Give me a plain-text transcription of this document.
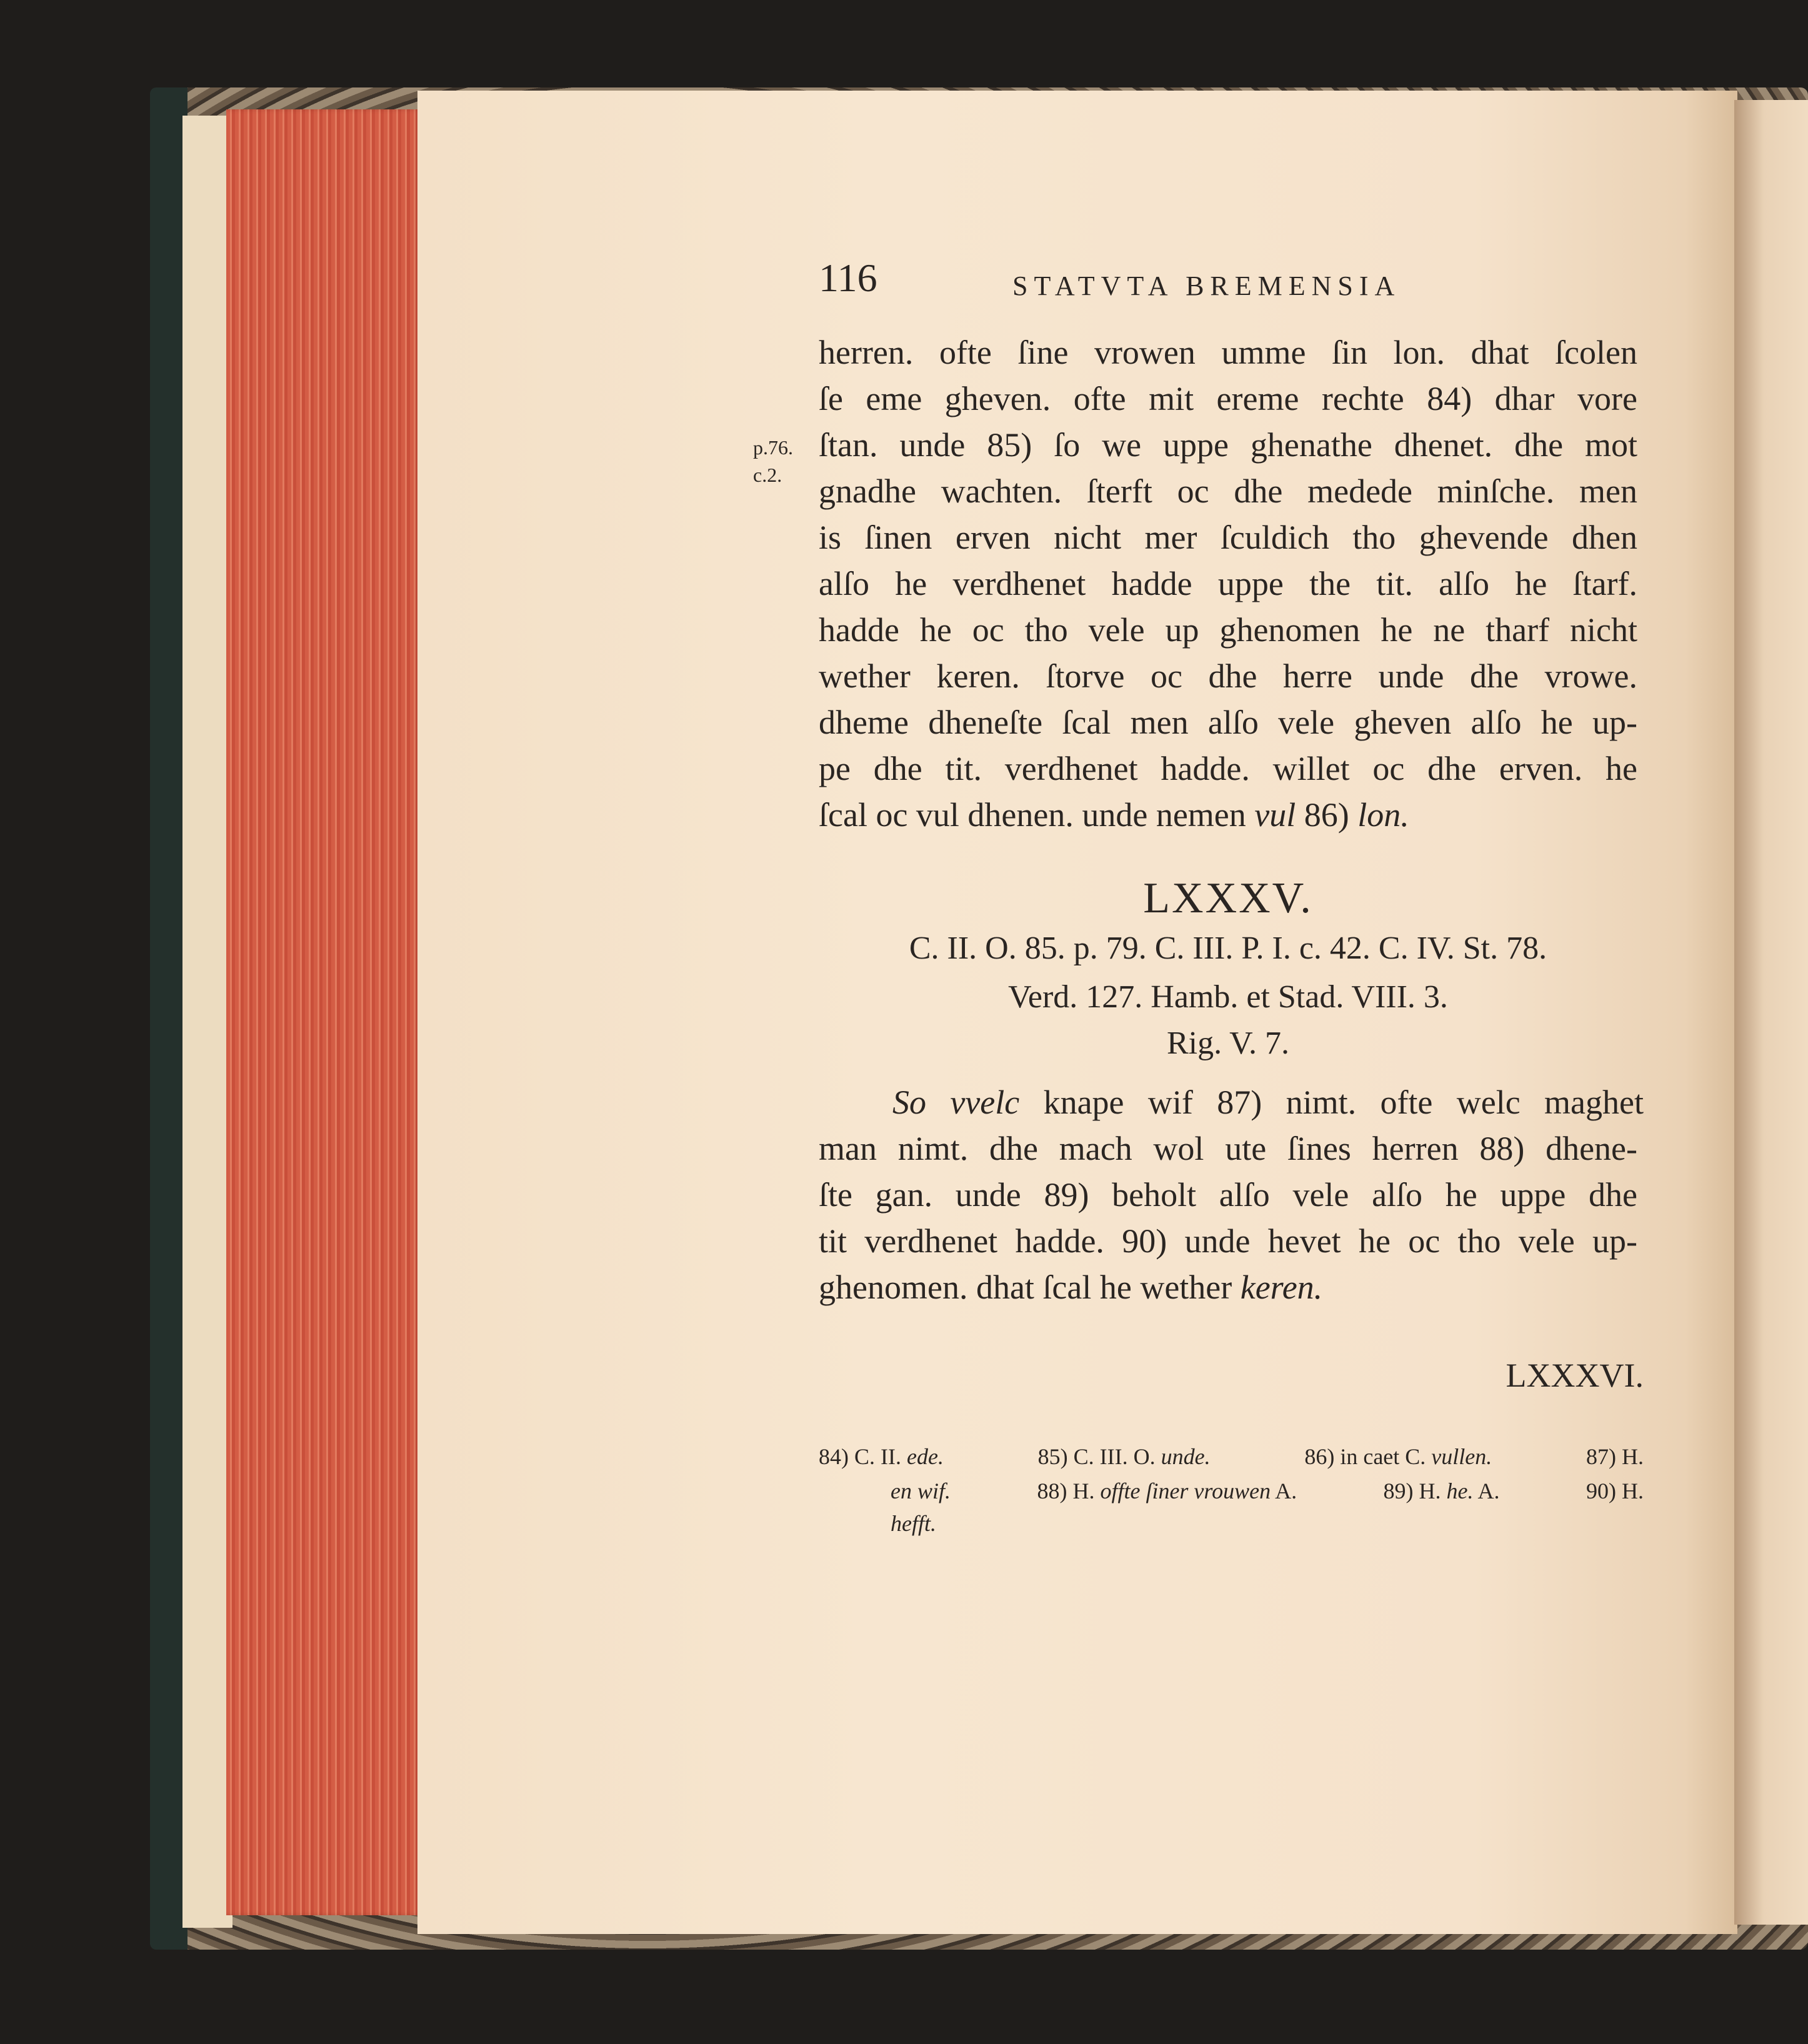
116	STATVTA BREMENSIA
p.76.
c.2.
herren. ofte ſine vrowen umme ſin lon. dhat ſcolen
ſe eme gheven. ofte mit ereme rechte 84) dhar vore
ſtan. unde 85) ſo we uppe ghenathe dhenet. dhe mot
gnadhe wachten. ſterft oc dhe medede minſche. men
is ſinen erven nicht mer ſculdich tho ghevende dhen
alſo he verdhenet hadde uppe the tit. alſo he ſtarf.
hadde he oc tho vele up ghenomen he ne tharf nicht
wether keren. ſtorve oc dhe herre unde dhe vrowe.
dheme dheneſte ſcal men alſo vele gheven alſo he up-
pe dhe tit. verdhenet hadde. willet oc dhe erven. he
ſcal oc vul dhenen. unde nemen vul 86) lon.
LXXXV.
C. II. O. 85. p. 79. C. III. P. I. c. 42. C. IV. St. 78.
Verd. 127. Hamb. et Stad. VIII. 3.
Rig. V. 7.
So vvelc knape wif 87) nimt. ofte welc maghet
man nimt. dhe mach wol ute ſines herren 88) dhene-
ſte gan. unde 89) beholt alſo vele alſo he uppe dhe
tit verdhenet hadde. 90) unde hevet he oc tho vele up-
ghenomen. dhat ſcal he wether keren.
LXXXVI.
84) C. II. ede.	85) C. III. O. unde.	86) in caet C. vullen.	87) H.
en wif.	88) H. offte ſiner vrouwen A.	89) H. he. A.	90) H.
hefft.
